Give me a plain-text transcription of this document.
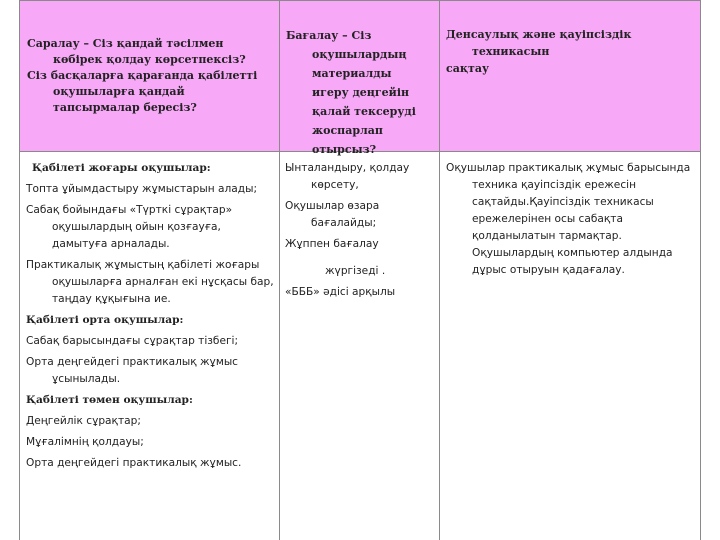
Саралау – Сіз қандай тәсілмен көбірек қолдау көрсетпексіз?

Сіз басқаларға қарағанда қабілетті оқушыларға қандай тапсырмалар бересіз?

Бағалау – Сіз оқушылардың материалды игеру деңгейін қалай тексеруді жоспарлап отырсыз?

Денсаулық және қауіпсіздік техникасын

сақтау

Қабілеті жоғары оқушылар:

Топта ұйымдастыру жұмыстарын алады;

Сабақ бойындағы «Түрткі сұрақтар» оқушылардың ойын қозғауға, дамытуға арналады.

Практикалық жұмыстың қабілеті жоғары оқушыларға арналған екі нұсқасы бар, таңдау құқығына ие.

Қабілеті орта оқушылар:

Сабақ барысындағы сұрақтар тізбегі;

Орта деңгейдегі практикалық жұмыс ұсынылады.

Қабілеті төмен оқушылар:

Деңгейлік сұрақтар;

Мұғалімнің қолдауы;

Орта деңгейдегі практикалық жұмыс.

Ынталандыру, қолдау көрсету,

Оқушылар өзара бағалайды;

Жұппен бағалау

жүргізеді .

«БББ» әдісі арқылы

Оқушылар практикалық жұмыс барысында техника қауіпсіздік ережесін сақтайды.Қауіпсіздік техникасы ережелерінен осы сабақта қолданылатын тармақтар. Оқушылардың компьютер алдында дұрыс отыруын қадағалау.
